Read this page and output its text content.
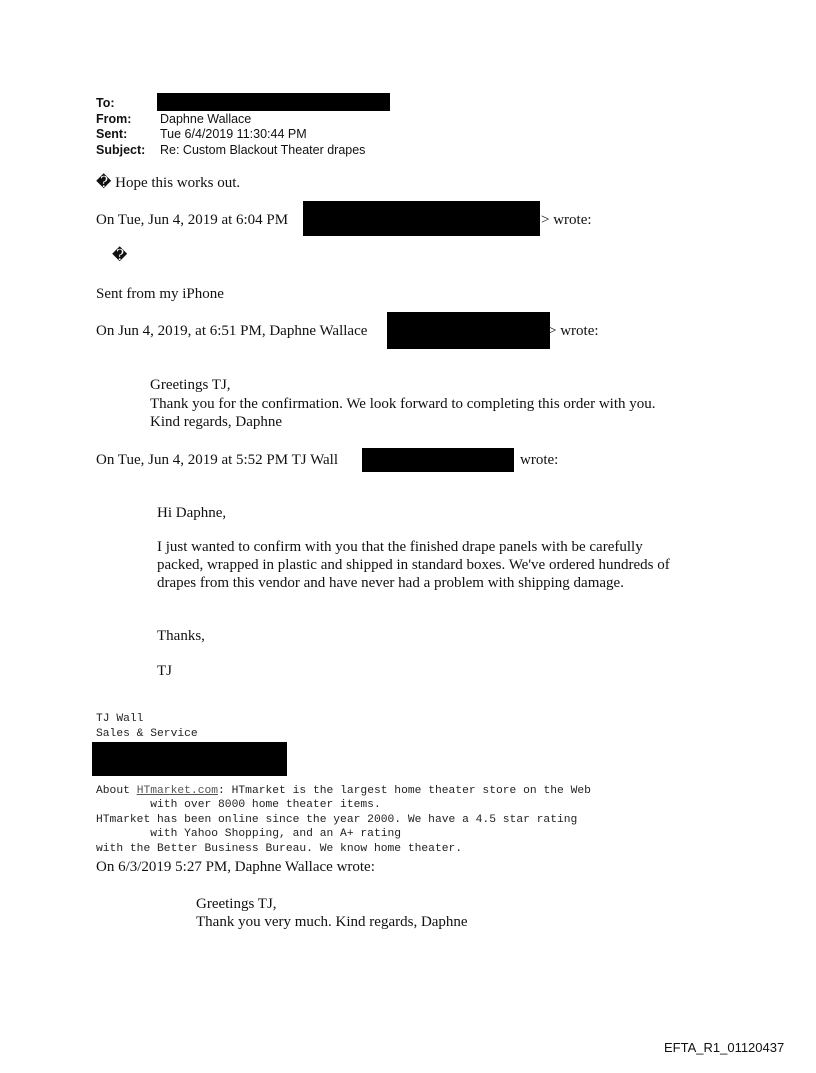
To:
From: Daphne Wallace
Sent:	Tue 6/4/2019 11:30:44 PM
Subject: Re: Custom Blackout Theater drapes
� Hope this works out.
On Tue, Jun 4, 2019 at 6:04 PM	> wrote:
�
Sent from my iPhone
On Jun 4, 2019, at 6:51 PM, Daphne Wallace	> wrote:
Greetings TJ,
Thank you for the confirmation. We look forward to completing this order with you. Kind regards, Daphne
On Tue, Jun 4, 2019 at 5:52 PM TJ Wall	wrote:
Hi Daphne,
I just wanted to confirm with you that the finished drape panels with be carefully packed, wrapped in plastic and shipped in standard boxes. We've ordered hundreds of drapes from this vendor and have never had a problem with shipping damage.
Thanks,
TJ
TJ Wall
Sales & Service
About HTmarket.com: HTmarket is the largest home theater store on the Web
with over 8000 home theater items.
HTmarket has been online since the year 2000. We have a 4.5 star rating
with Yahoo Shopping, and an A+ rating
with the Better Business Bureau. We know home theater.
On 6/3/2019 5:27 PM, Daphne Wallace wrote:
Greetings TJ,
Thank you very much. Kind regards, Daphne
EFTA_R1_01120437
